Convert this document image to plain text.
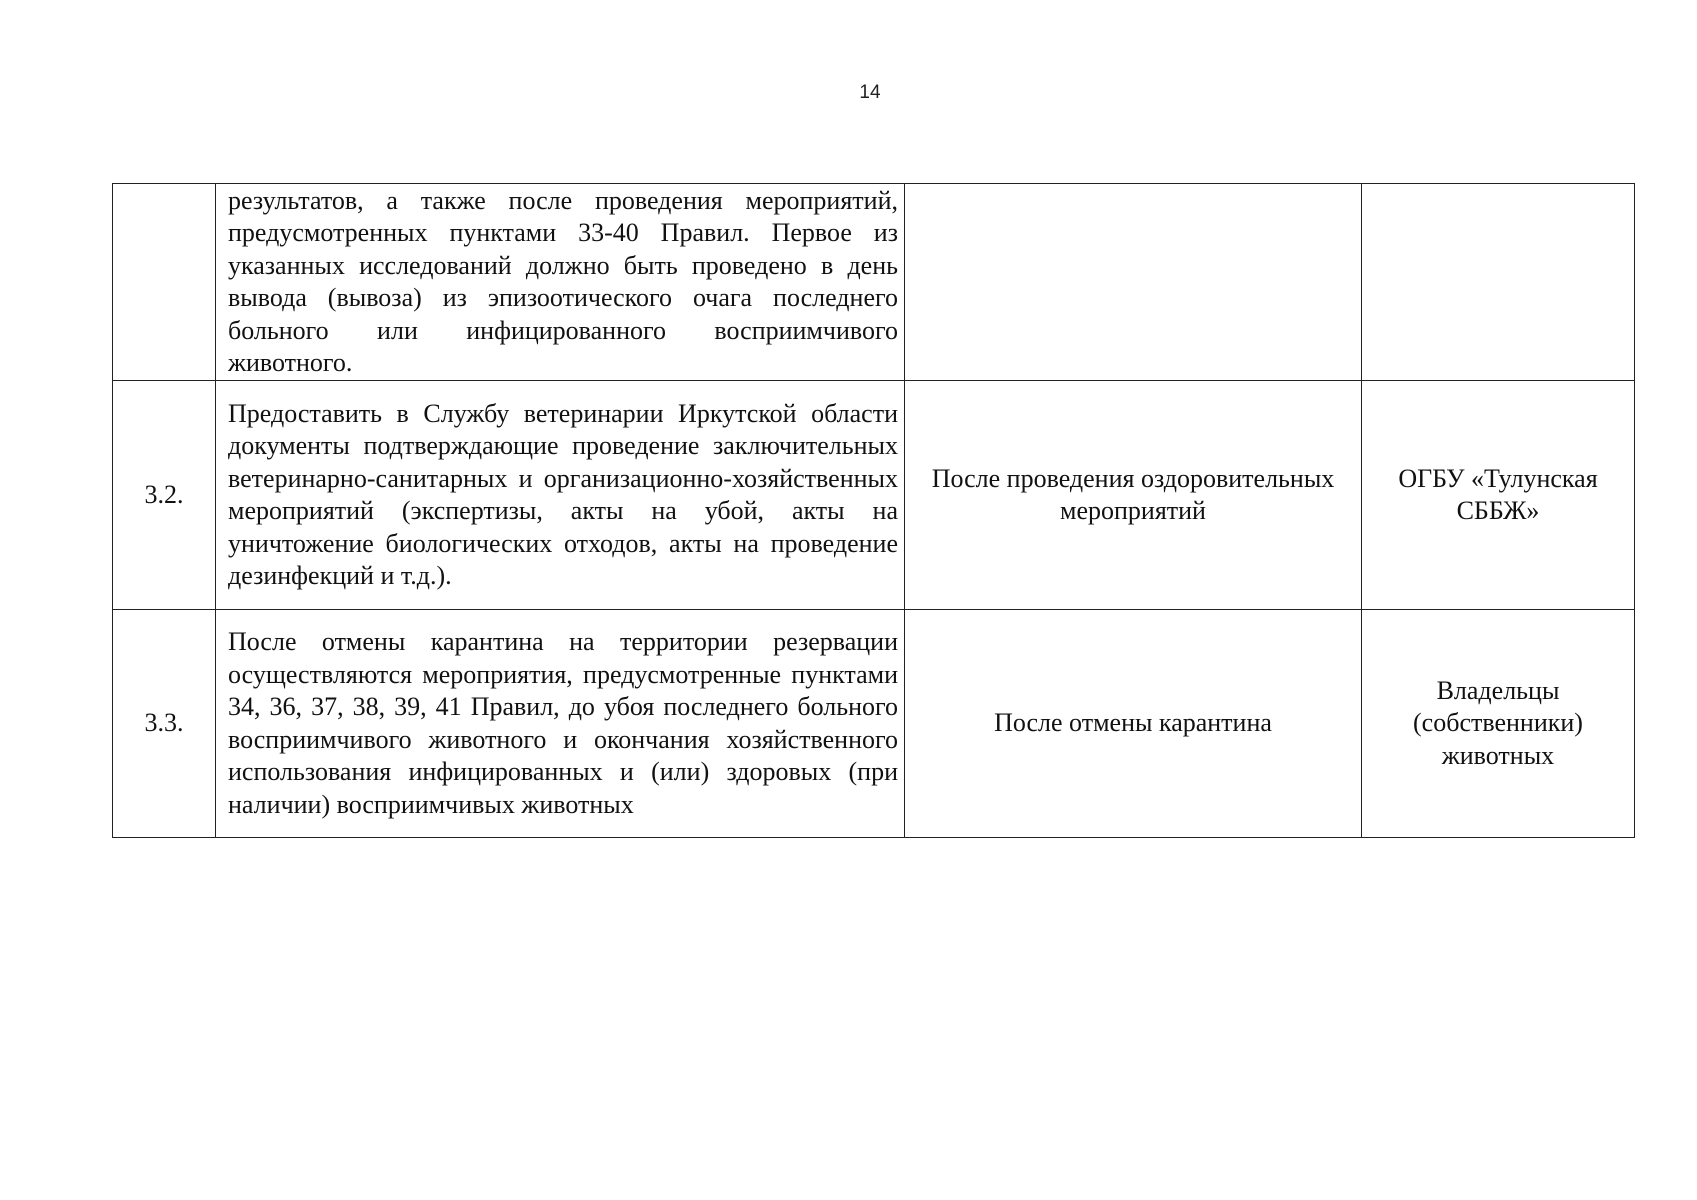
14
	результатов, а также после проведения мероприятий, предусмотренных пунктами 33-40 Правил. Первое из указанных исследований должно быть проведено в день вывода (вывоза) из эпизоотического очага последнего больного или инфицированного восприимчивого животного.		
3.2.	Предоставить в Службу ветеринарии Иркутской области документы подтверждающие проведение заключительных ветеринарно-санитарных и организационно-хозяйственных мероприятий (экспертизы, акты на убой, акты на уничтожение биологических отходов, акты на проведение дезинфекций и т.д.).	После проведения оздоровительных мероприятий	ОГБУ «Тулунская СББЖ»

3.3.	После отмены карантина на территории резервации осуществляются мероприятия, предусмотренные пунктами 34, 36, 37, 38, 39, 41 Правил, до убоя последнего больного восприимчивого животного и окончания хозяйственного использования инфицированных и (или) здоровых (при наличии) восприимчивых животных	После отмены карантина	Владельцы (собственники) животных
